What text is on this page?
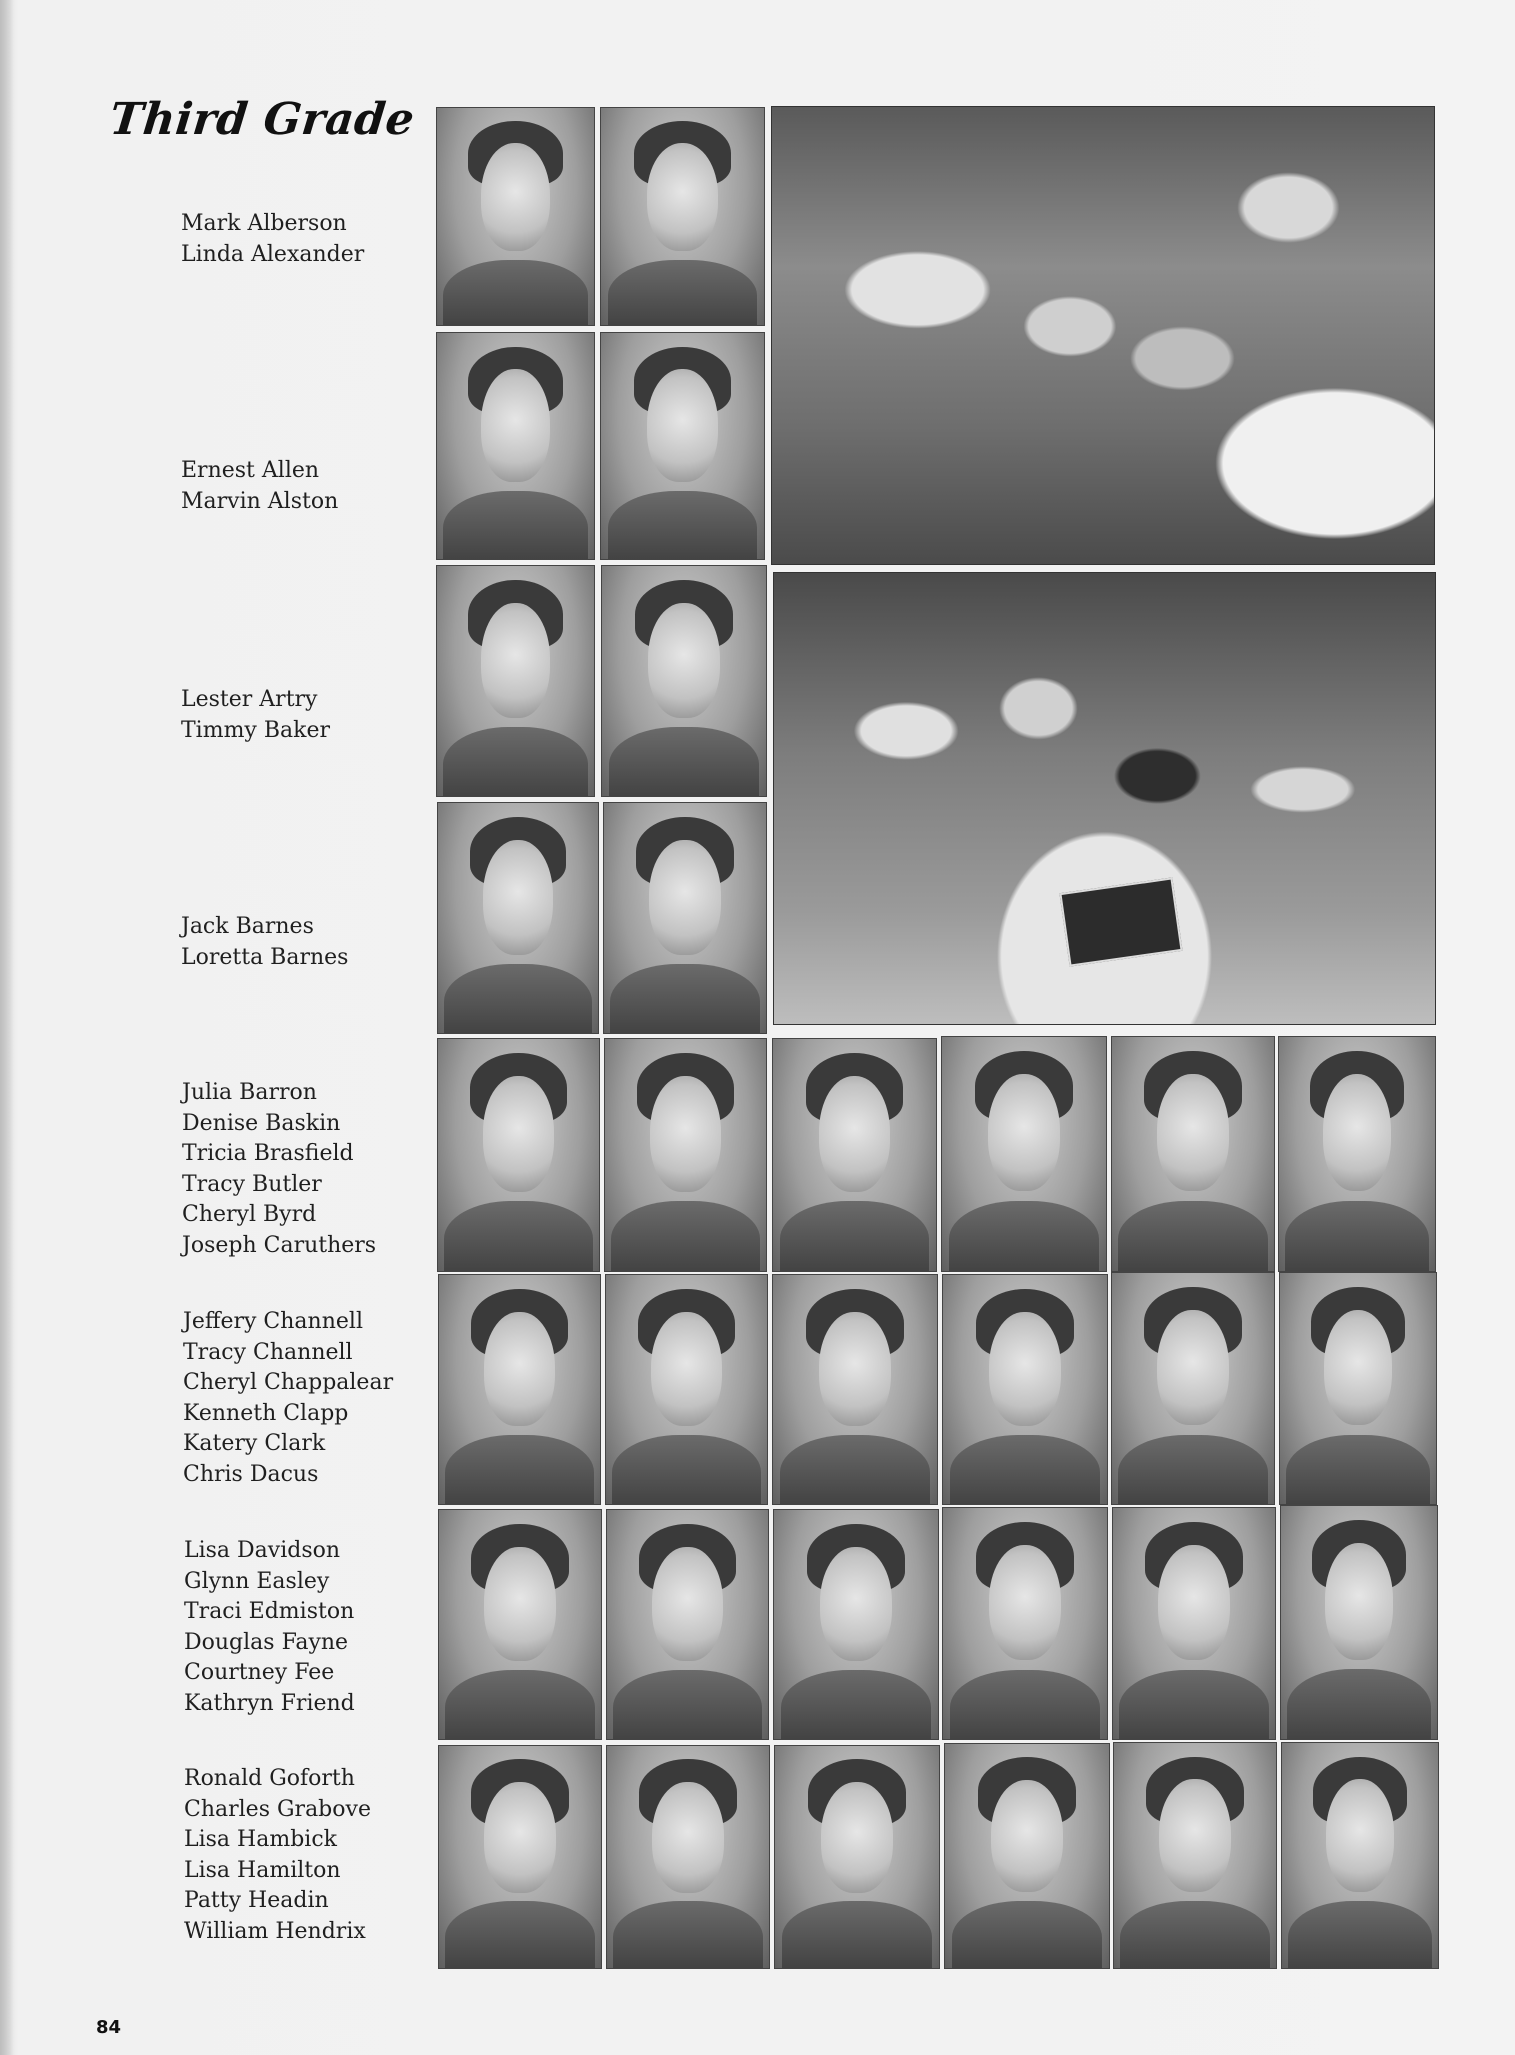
Third Grade
Mark Alberson
Linda Alexander
Ernest Allen
Marvin Alston
Lester Artry
Timmy Baker
Jack Barnes
Loretta Barnes
Julia Barron
Denise Baskin
Tricia Brasfield
Tracy Butler
Cheryl Byrd
Joseph Caruthers
Jeffery Channell
Tracy Channell
Cheryl Chappalear
Kenneth Clapp
Katery Clark
Chris Dacus
Lisa Davidson
Glynn Easley
Traci Edmiston
Douglas Fayne
Courtney Fee
Kathryn Friend
Ronald Goforth
Charles Grabove
Lisa Hambick
Lisa Hamilton
Patty Headin
William Hendrix
84
